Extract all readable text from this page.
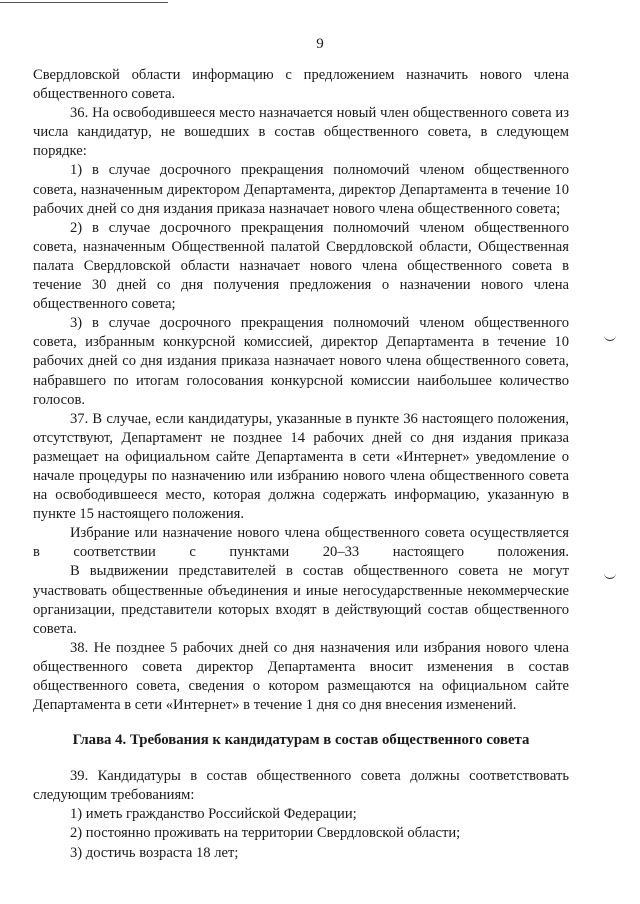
9

Свердловской области информацию с предложением назначить нового члена общественного совета.

36. На освободившееся место назначается новый член общественного совета из числа кандидатур, не вошедших в состав общественного совета, в следующем порядке:

1) в случае досрочного прекращения полномочий членом общественного совета, назначенным директором Департамента, директор Департамента в течение 10 рабочих дней со дня издания приказа назначает нового члена общественного совета;

2) в случае досрочного прекращения полномочий членом общественного совета, назначенным Общественной палатой Свердловской области, Общественная палата Свердловской области назначает нового члена общественного совета в течение 30 дней со дня получения предложения о назначении нового члена общественного совета;

3) в случае досрочного прекращения полномочий членом общественного совета, избранным конкурсной комиссией, директор Департамента в течение 10 рабочих дней со дня издания приказа назначает нового члена общественного совета, набравшего по итогам голосования конкурсной комиссии наибольшее количество голосов.

37. В случае, если кандидатуры, указанные в пункте 36 настоящего положения, отсутствуют, Департамент не позднее 14 рабочих дней со дня издания приказа размещает на официальном сайте Департамента в сети «Интернет» уведомление о начале процедуры по назначению или избранию нового члена общественного совета на освободившееся место, которая должна содержать информацию, указанную в пункте 15 настоящего положения.

Избрание или назначение нового члена общественного совета осуществляется в соответствии с пунктами 20–33 настоящего положения.

В выдвижении представителей в состав общественного совета не могут участвовать общественные объединения и иные негосударственные некоммерческие организации, представители которых входят в действующий состав общественного совета.

38. Не позднее 5 рабочих дней со дня назначения или избрания нового члена общественного совета директор Департамента вносит изменения в состав общественного совета, сведения о котором размещаются на официальном сайте Департамента в сети «Интернет» в течение 1 дня со дня внесения изменений.

Глава 4. Требования к кандидатурам в состав общественного совета

39. Кандидатуры в состав общественного совета должны соответствовать следующим требованиям:

1) иметь гражданство Российской Федерации;

2) постоянно проживать на территории Свердловской области;

3) достичь возраста 18 лет;
